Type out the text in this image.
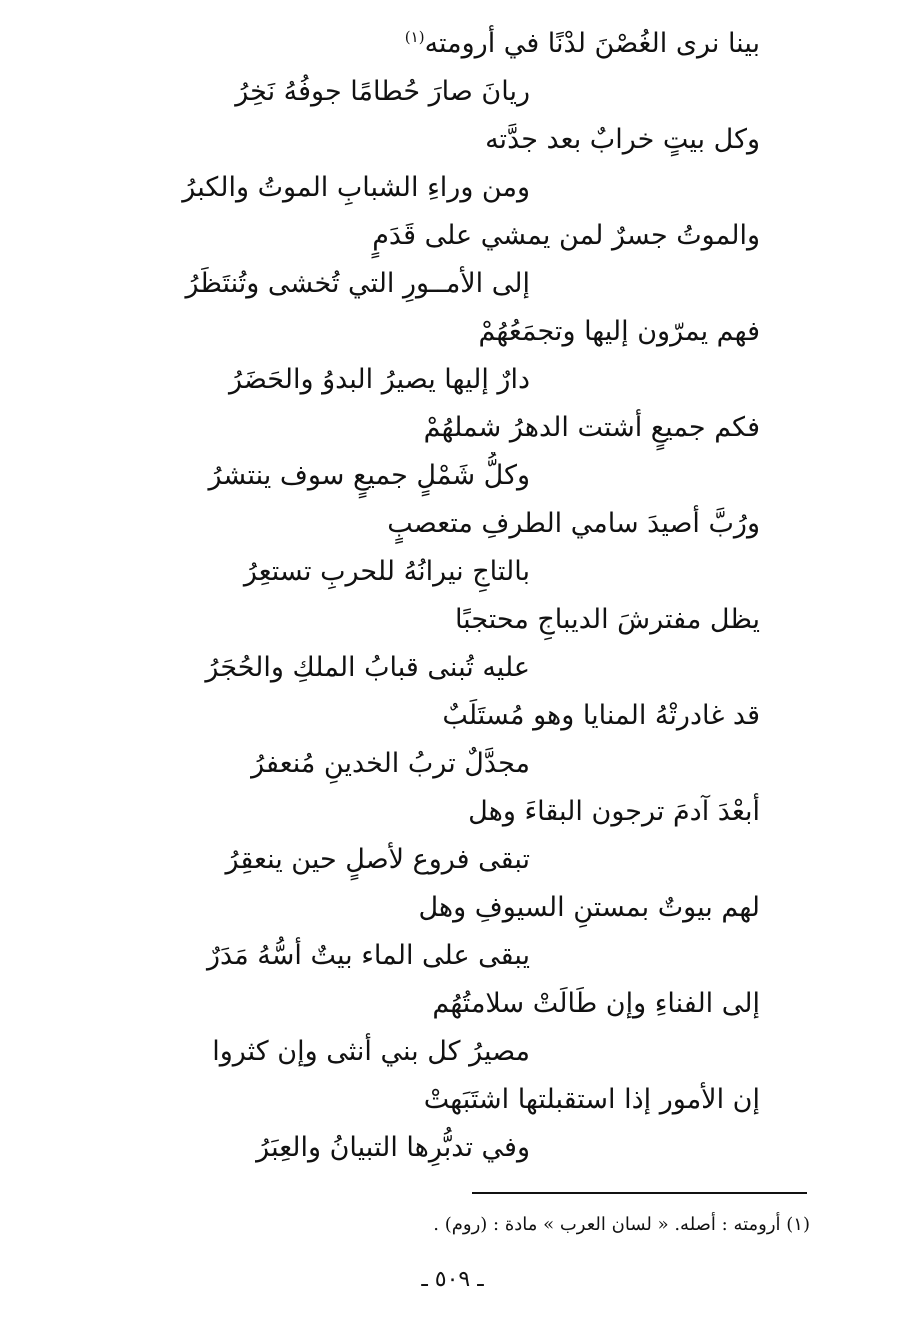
بينا نرى الغُصْنَ لدْنًا في أرومته$^{(١)}$
ريانَ صارَ حُطامًا جوفُهُ نَخِرُ
وكل بيتٍ خرابٌ بعد جدَّته
ومن وراءِ الشبابِ الموتُ والكبرُ
والموتُ جسرٌ لمن يمشي على قَدَمٍ
إلى الأمــورِ التي تُخشى وتُنتَظَرُ
فهم يمرّون إليها وتجمَعُهُمْ
دارٌ إليها يصيرُ البدوُ والحَضَرُ
فكم جميعٍ أشتت الدهرُ شملهُمْ
وكلُّ شَمْلٍ جميعٍ سوف ينتشرُ
ورُبَّ أصيدَ سامي الطرفِ متعصبٍ
بالتاجِ نيرانُهُ للحربِ تستعِرُ
يظل مفترشَ الديباجِ محتجبًا
عليه تُبنى قبابُ الملكِ والحُجَرُ
قد غادرتْهُ المنايا وهو مُستَلَبٌ
مجدَّلٌ تربُ الخدينِ مُنعفرُ
أبعْدَ آدمَ ترجون البقاءَ وهل
تبقى فروع لأصلٍ حين ينعقِرُ
لهم بيوتٌ بمستنِ السيوفِ وهل
يبقى على الماء بيتٌ أسُّهُ مَدَرٌ
إلى الفناءِ وإن طَالَتْ سلامتُهُم
مصيرُ كل بني أنثى وإن كثروا
إن الأمور إذا استقبلتها اشتَبَهتْ
وفي تدبُّرِها التبيانُ والعِبَرُ
(١) أرومته : أصله. « لسان العرب » مادة : (روم) .
ـ ٥٠٩ ـ
